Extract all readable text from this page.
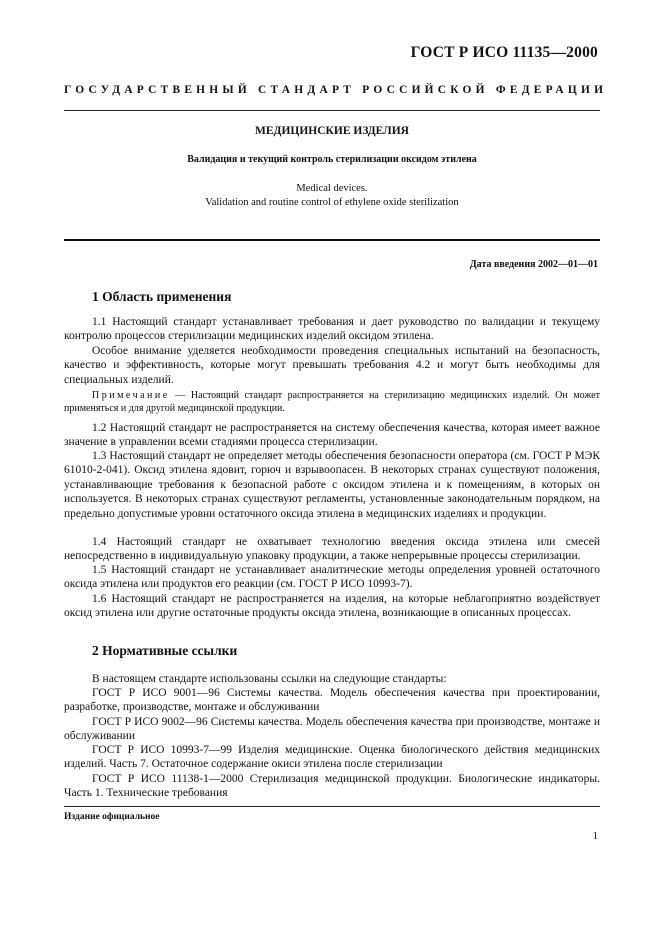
ГОСТ Р ИСО 11135—2000
ГОСУДАРСТВЕННЫЙ СТАНДАРТ РОССИЙСКОЙ ФЕДЕРАЦИИ
МЕДИЦИНСКИЕ ИЗДЕЛИЯ
Валидация и текущий контроль стерилизации оксидом этилена
Medical devices.
Validation and routine control of ethylene oxide sterilization
Дата введения 2002—01—01
1 Область применения

1.1 Настоящий стандарт устанавливает требования и дает руководство по валидации и текущему контролю процессов стерилизации медицинских изделий оксидом этилена.

Особое внимание уделяется необходимости проведения специальных испытаний на безопасность, качество и эффективность, которые могут превышать требования 4.2 и могут быть необходимы для специальных изделий.

Примечание — Настоящий стандарт распространяется на стерилизацию медицинских изделий. Он может применяться и для другой медицинской продукции.

1.2 Настоящий стандарт не распространяется на систему обеспечения качества, которая имеет важное значение в управлении всеми стадиями процесса стерилизации.

1.3 Настоящий стандарт не определяет методы обеспечения безопасности оператора (см. ГОСТ Р МЭК 61010-2-041). Оксид этилена ядовит, горюч и взрывоопасен. В некоторых странах существуют положения, устанавливающие требования к безопасной работе с оксидом этилена и к помещениям, в которых он используется. В некоторых странах существуют регламенты, установленные законодательным порядком, на предельно допустимые уровни остаточного оксида этилена в медицинских изделиях и продукции.

1.4 Настоящий стандарт не охватывает технологию введения оксида этилена или смесей непосредственно в индивидуальную упаковку продукции, а также непрерывные процессы стерилизации.

1.5 Настоящий стандарт не устанавливает аналитические методы определения уровней остаточного оксида этилена или продуктов его реакции (см. ГОСТ Р ИСО 10993-7).

1.6 Настоящий стандарт не распространяется на изделия, на которые неблагоприятно воздействует оксид этилена или другие остаточные продукты оксида этилена, возникающие в описанных процессах.

2 Нормативные ссылки

В настоящем стандарте использованы ссылки на следующие стандарты:

ГОСТ Р ИСО 9001—96 Системы качества. Модель обеспечения качества при проектировании, разработке, производстве, монтаже и обслуживании

ГОСТ Р ИСО 9002—96 Системы качества. Модель обеспечения качества при производстве, монтаже и обслуживании

ГОСТ Р ИСО 10993-7—99 Изделия медицинские. Оценка биологического действия медицинских изделий. Часть 7. Остаточное содержание окиси этилена после стерилизации

ГОСТ Р ИСО 11138-1—2000 Стерилизация медицинской продукции. Биологические индикаторы. Часть 1. Технические требования

Издание официальное
1
